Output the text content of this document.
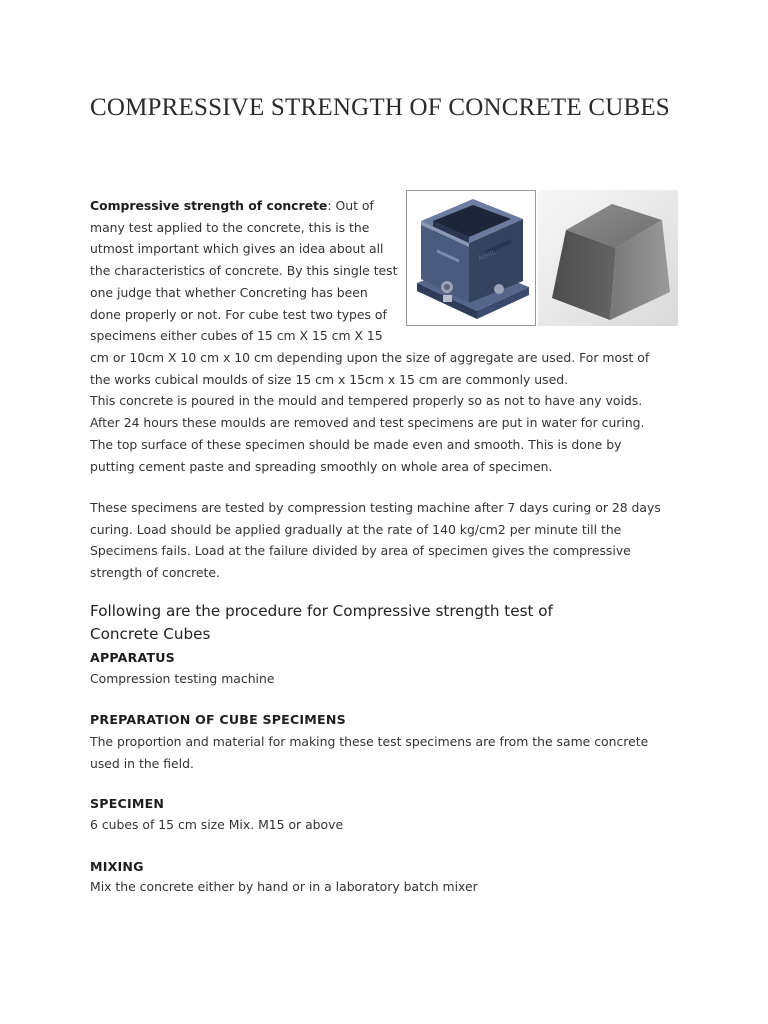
COMPRESSIVE STRENGTH OF CONCRETE CUBES

Compressive strength of concrete: Out of
many test applied to the concrete, this is the
utmost important which gives an idea about all
the characteristics of concrete. By this single test
one judge that whether Concreting has been
done properly or not. For cube test two types of
specimens either cubes of 15 cm X 15 cm X 15

AIMIL

cm or 10cm X 10 cm x 10 cm depending upon the size of aggregate are used. For most of
the works cubical moulds of size 15 cm x 15cm x 15 cm are commonly used.
This concrete is poured in the mould and tempered properly so as not to have any voids.
After 24 hours these moulds are removed and test specimens are put in water for curing.
The top surface of these specimen should be made even and smooth. This is done by
putting cement paste and spreading smoothly on whole area of specimen.

These specimens are tested by compression testing machine after 7 days curing or 28 days
curing. Load should be applied gradually at the rate of 140 kg/cm2 per minute till the
Specimens fails. Load at the failure divided by area of specimen gives the compressive
strength of concrete.

Following are the procedure for Compressive strength test of
Concrete Cubes
APPARATUS

Compression testing machine

PREPARATION OF CUBE SPECIMENS

The proportion and material for making these test specimens are from the same concrete
used in the field.

SPECIMEN

6 cubes of 15 cm size Mix. M15 or above

MIXING

Mix the concrete either by hand or in a laboratory batch mixer
